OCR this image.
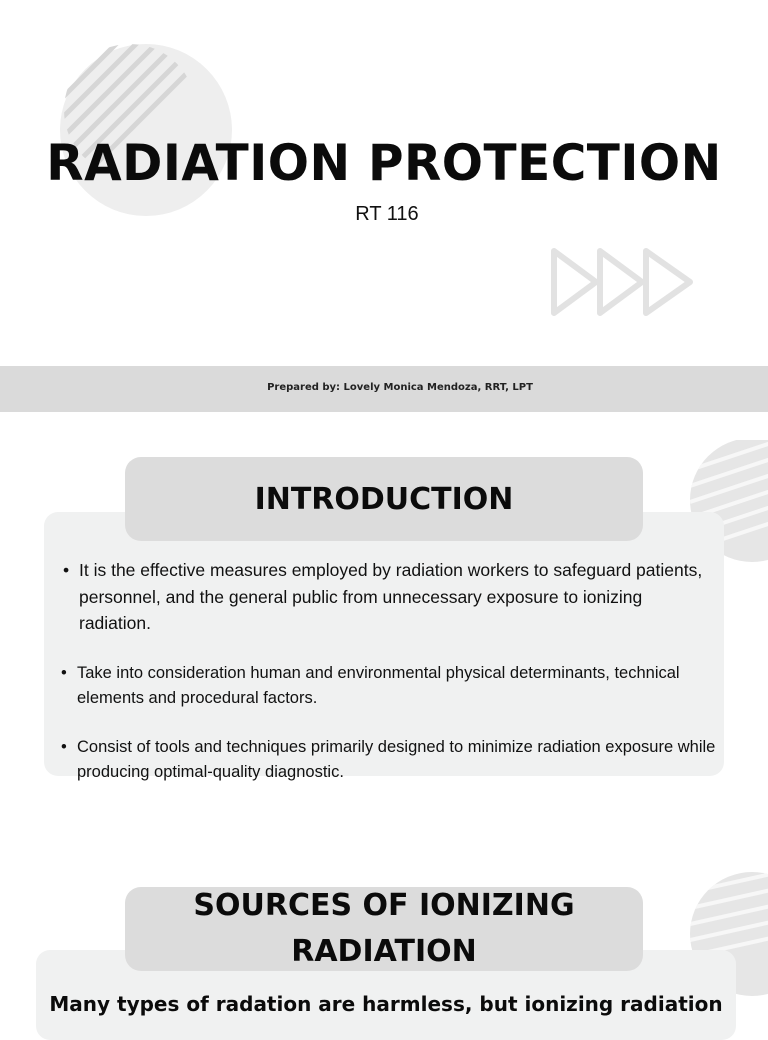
RADIATION PROTECTION
RT 116
Prepared by: Lovely Monica Mendoza, RRT, LPT
INTRODUCTION
• It is the effective measures employed by radiation workers to safeguard patients, personnel, and the general public from unnecessary exposure to ionizing radiation.
• Take into consideration human and environmental physical determinants, technical elements and procedural factors.
• Consist of tools and techniques primarily designed to minimize radiation exposure while producing optimal-quality diagnostic.
SOURCES OF IONIZING
RADIATION
Many types of radation are harmless, but ionizing radiation
